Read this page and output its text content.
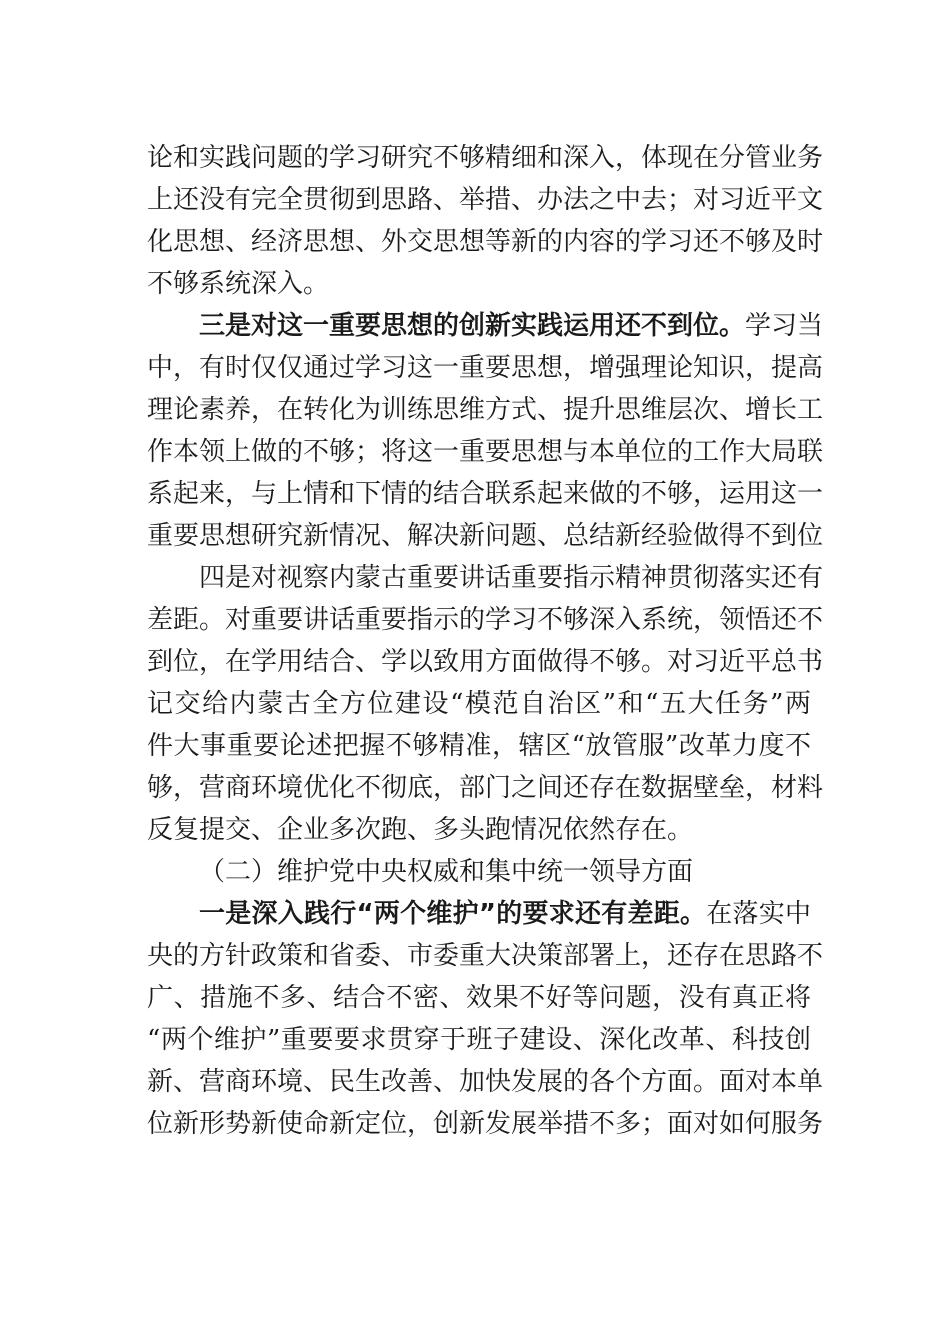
论和实践问题的学习研究不够精细和深入，体现在分管业务
上还没有完全贯彻到思路、举措、办法之中去；对习近平文
化思想、经济思想、外交思想等新的内容的学习还不够及时
不够系统深入。
三是对这一重要思想的创新实践运用还不到位。学习当
中，有时仅仅通过学习这一重要思想，增强理论知识，提高
理论素养，在转化为训练思维方式、提升思维层次、增长工
作本领上做的不够；将这一重要思想与本单位的工作大局联
系起来，与上情和下情的结合联系起来做的不够，运用这一
重要思想研究新情况、解决新问题、总结新经验做得不到位
四是对视察内蒙古重要讲话重要指示精神贯彻落实还有
差距。对重要讲话重要指示的学习不够深入系统，领悟还不
到位，在学用结合、学以致用方面做得不够。对习近平总书
记交给内蒙古全方位建设“模范自治区”和“五大任务”两
件大事重要论述把握不够精准，辖区“放管服”改革力度不
够，营商环境优化不彻底，部门之间还存在数据壁垒，材料
反复提交、企业多次跑、多头跑情况依然存在。
（二）维护党中央权威和集中统一领导方面
一是深入践行“两个维护”的要求还有差距。在落实中
央的方针政策和省委、市委重大决策部署上，还存在思路不
广、措施不多、结合不密、效果不好等问题，没有真正将
“两个维护”重要要求贯穿于班子建设、深化改革、科技创
新、营商环境、民生改善、加快发展的各个方面。面对本单
位新形势新使命新定位，创新发展举措不多；面对如何服务
